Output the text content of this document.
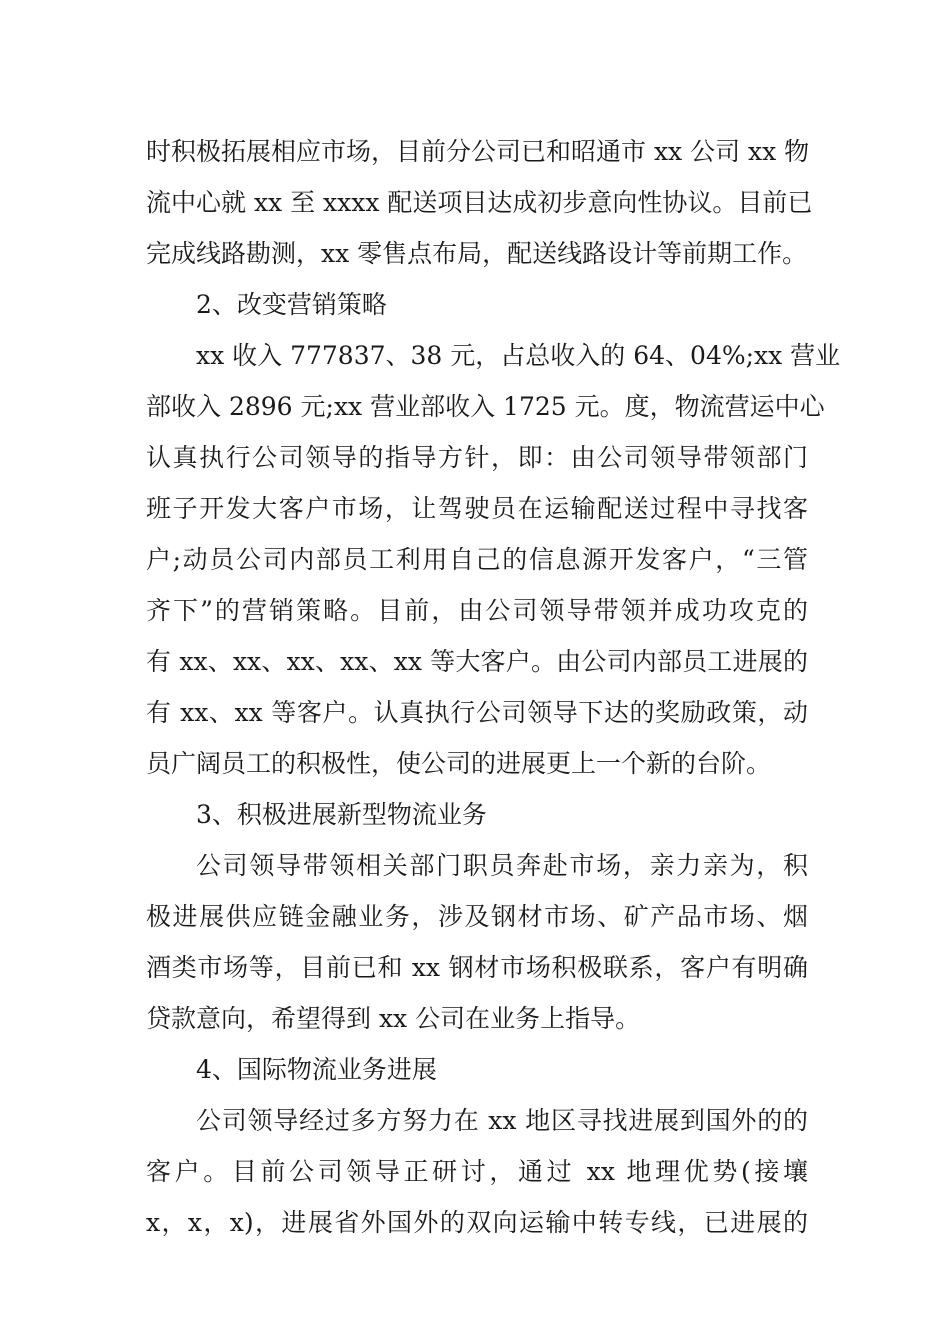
时积极拓展相应市场，目前分公司已和昭通市 xx 公司 xx 物
流中心就 xx 至 xxxx 配送项目达成初步意向性协议。目前已
完成线路勘测，xx 零售点布局，配送线路设计等前期工作。
2、改变营销策略
xx 收入 777837、38 元，占总收入的 64、04%;xx 营业
部收入 2896 元;xx 营业部收入 1725 元。度，物流营运中心
认真执行公司领导的指导方针，即：由公司领导带领部门
班子开发大客户市场，让驾驶员在运输配送过程中寻找客
户;动员公司内部员工利用自己的信息源开发客户，“三管
齐下”的营销策略。目前，由公司领导带领并成功攻克的
有 xx、xx、xx、xx、xx 等大客户。由公司内部员工进展的
有 xx、xx 等客户。认真执行公司领导下达的奖励政策，动
员广阔员工的积极性，使公司的进展更上一个新的台阶。
3、积极进展新型物流业务
公司领导带领相关部门职员奔赴市场，亲力亲为，积
极进展供应链金融业务，涉及钢材市场、矿产品市场、烟
酒类市场等，目前已和 xx 钢材市场积极联系，客户有明确
贷款意向，希望得到 xx 公司在业务上指导。
4、国际物流业务进展
公司领导经过多方努力在 xx 地区寻找进展到国外的的
客户。目前公司领导正研讨，通过 xx 地理优势(接壤
x，x，x)，进展省外国外的双向运输中转专线，已进展的
